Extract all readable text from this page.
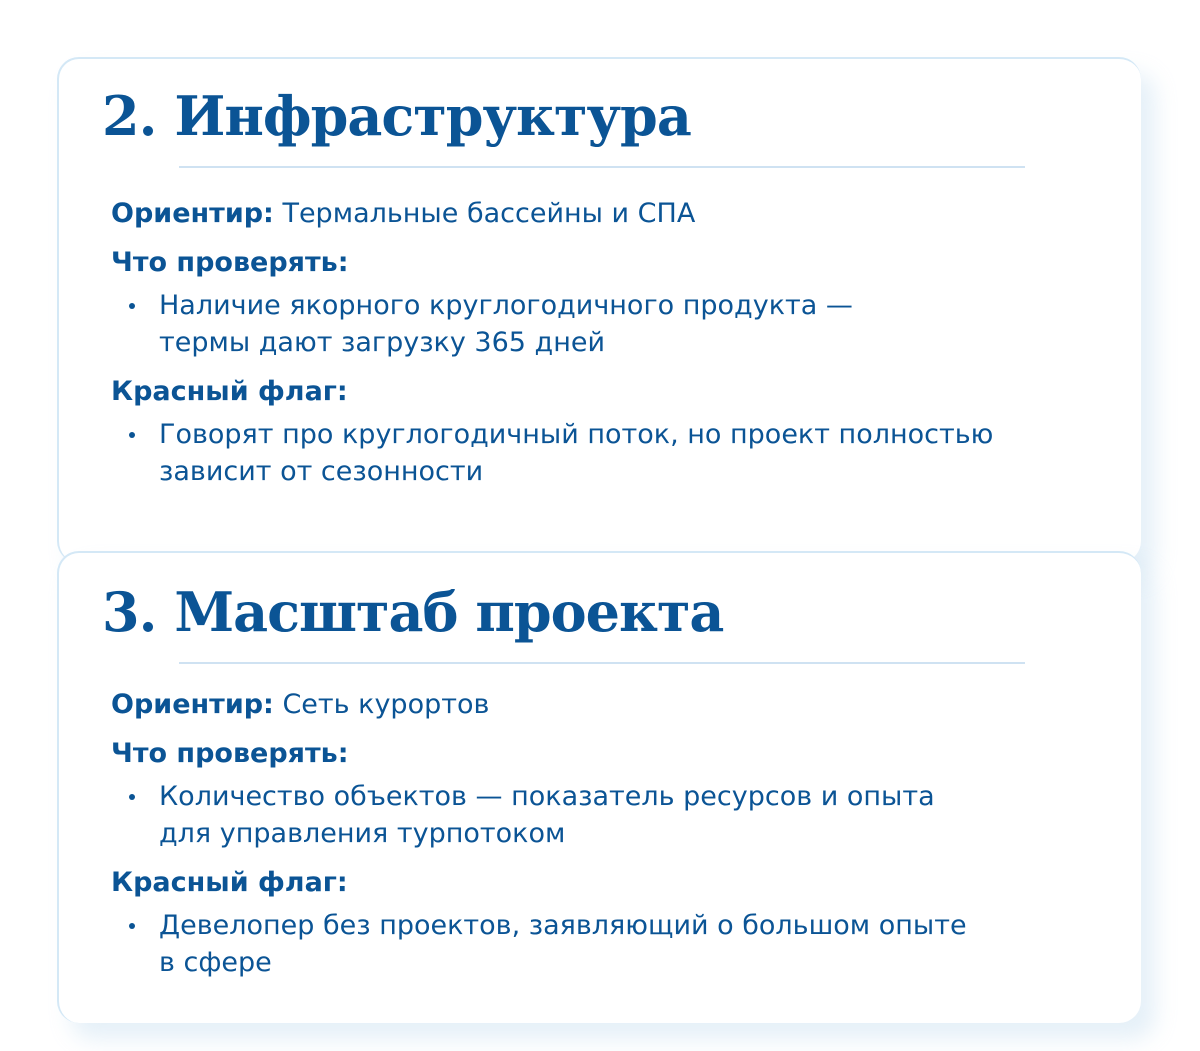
2. Инфраструктура

Ориентир: Термальные бассейны и СПА

Что проверять:

Наличие якорного круглогодичного продукта —
термы дают загрузку 365 дней

Красный флаг:

Говорят про круглогодичный поток, но проект полностью
зависит от сезонности
3. Масштаб проекта

Ориентир: Сеть курортов

Что проверять:

Количество объектов — показатель ресурсов и опыта
для управления турпотоком

Красный флаг:

Девелопер без проектов, заявляющий о большом опыте
в сфере
